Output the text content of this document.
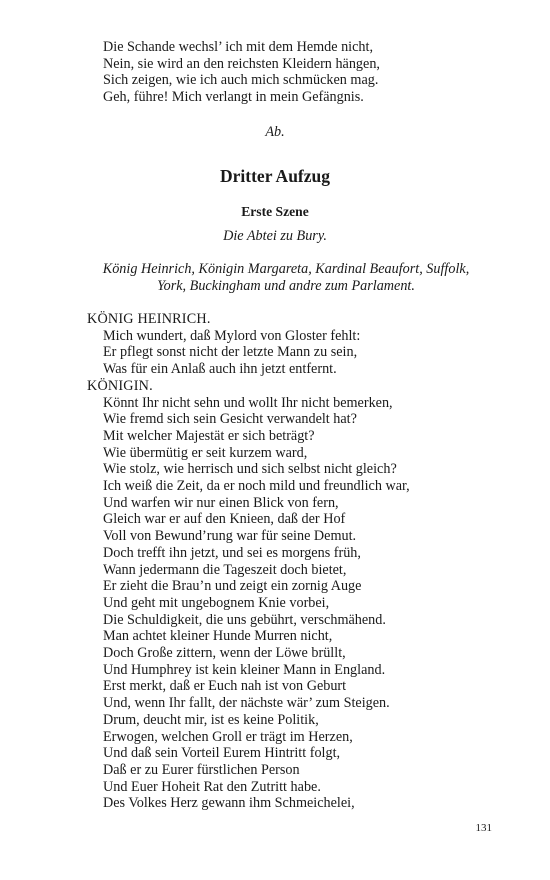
Die Schande wechsl’ ich mit dem Hemde nicht,
Nein, sie wird an den reichsten Kleidern hängen,
Sich zeigen, wie ich auch mich schmücken mag.
Geh, führe! Mich verlangt in mein Gefängnis.
Ab.
Dritter Aufzug
Erste Szene
Die Abtei zu Bury.
König Heinrich, Königin Margareta, Kardinal Beaufort, Suffolk,
York, Buckingham und andre zum Parlament.
KÖNIG HEINRICH.
Mich wundert, daß Mylord von Gloster fehlt:
Er pflegt sonst nicht der letzte Mann zu sein,
Was für ein Anlaß auch ihn jetzt entfernt.
KÖNIGIN.
Könnt Ihr nicht sehn und wollt Ihr nicht bemerken,
Wie fremd sich sein Gesicht verwandelt hat?
Mit welcher Majestät er sich beträgt?
Wie übermütig er seit kurzem ward,
Wie stolz, wie herrisch und sich selbst nicht gleich?
Ich weiß die Zeit, da er noch mild und freundlich war,
Und warfen wir nur einen Blick von fern,
Gleich war er auf den Knieen, daß der Hof
Voll von Bewund’rung war für seine Demut.
Doch trefft ihn jetzt, und sei es morgens früh,
Wann jedermann die Tageszeit doch bietet,
Er zieht die Brau’n und zeigt ein zornig Auge
Und geht mit ungebognem Knie vorbei,
Die Schuldigkeit, die uns gebührt, verschmähend.
Man achtet kleiner Hunde Murren nicht,
Doch Große zittern, wenn der Löwe brüllt,
Und Humphrey ist kein kleiner Mann in England.
Erst merkt, daß er Euch nah ist von Geburt
Und, wenn Ihr fallt, der nächste wär’ zum Steigen.
Drum, deucht mir, ist es keine Politik,
Erwogen, welchen Groll er trägt im Herzen,
Und daß sein Vorteil Eurem Hintritt folgt,
Daß er zu Eurer fürstlichen Person
Und Euer Hoheit Rat den Zutritt habe.
Des Volkes Herz gewann ihm Schmeichelei,
131
